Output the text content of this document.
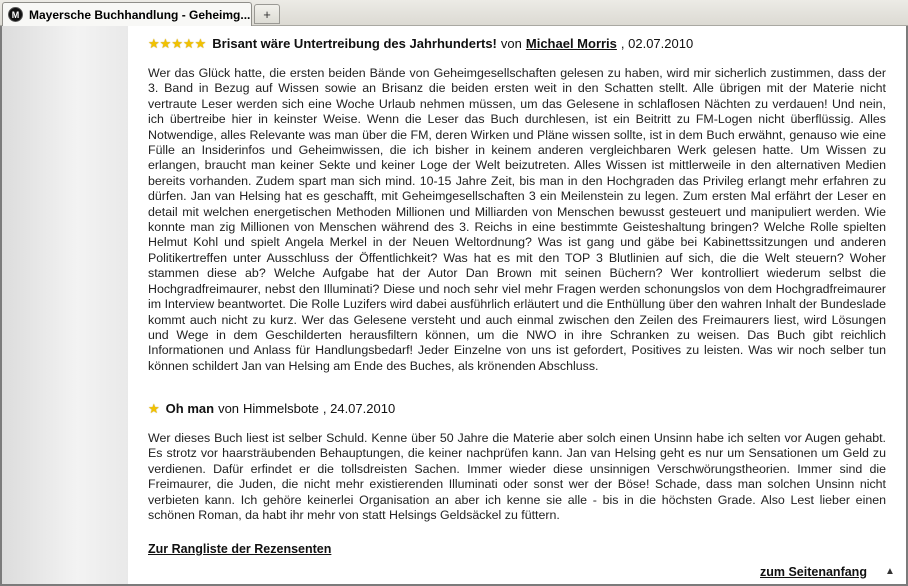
M Mayersche Buchhandlung - Geheimg... +
★ ★ ★ ★ ★ Brisant wäre Untertreibung des Jahrhunderts! von Michael Morris , 02.07.2010

Wer das Glück hatte, die ersten beiden Bände von Geheimgesellschaften gelesen zu haben, wird mir sicherlich zustimmen, dass der 3. Band in Bezug auf Wissen sowie an Brisanz die beiden ersten weit in den Schatten stellt. Alle übrigen mit der Materie nicht vertraute Leser werden sich eine Woche Urlaub nehmen müssen, um das Gelesene in schlaflosen Nächten zu verdauen! Und nein, ich übertreibe hier in keinster Weise. Wenn die Leser das Buch durchlesen, ist ein Beitritt zu FM-Logen nicht überflüssig. Alles Notwendige, alles Relevante was man über die FM, deren Wirken und Pläne wissen sollte, ist in dem Buch erwähnt, genauso wie eine Fülle an Insiderinfos und Geheimwissen, die ich bisher in keinem anderen vergleichbaren Werk gelesen hatte. Um Wissen zu erlangen, braucht man keiner Sekte und keiner Loge der Welt beizutreten. Alles Wissen ist mittlerweile in den alternativen Medien bereits vorhanden. Zudem spart man sich mind. 10-15 Jahre Zeit, bis man in den Hochgraden das Privileg erlangt mehr erfahren zu dürfen. Jan van Helsing hat es geschafft, mit Geheimgesellschaften 3 ein Meilenstein zu legen. Zum ersten Mal erfährt der Leser en detail mit welchen energetischen Methoden Millionen und Milliarden von Menschen bewusst gesteuert und manipuliert werden. Wie konnte man zig Millionen von Menschen während des 3. Reichs in eine bestimmte Geisteshaltung bringen? Welche Rolle spielten Helmut Kohl und spielt Angela Merkel in der Neuen Weltordnung? Was ist gang und gäbe bei Kabinettssitzungen und anderen Politikertreffen unter Ausschluss der Öffentlichkeit? Was hat es mit den TOP 3 Blutlinien auf sich, die die Welt steuern? Woher stammen diese ab? Welche Aufgabe hat der Autor Dan Brown mit seinen Büchern? Wer kontrolliert wiederum selbst die Hochgradfreimaurer, nebst den Illuminati? Diese und noch sehr viel mehr Fragen werden schonungslos von dem Hochgradfreimaurer im Interview beantwortet. Die Rolle Luzifers wird dabei ausführlich erläutert und die Enthüllung über den wahren Inhalt der Bundeslade kommt auch nicht zu kurz. Wer das Gelesene versteht und auch einmal zwischen den Zeilen des Freimaurers liest, wird Lösungen und Wege in dem Geschilderten herausfiltern können, um die NWO in ihre Schranken zu weisen. Das Buch gibt reichlich Informationen und Anlass für Handlungsbedarf! Jeder Einzelne von uns ist gefordert, Positives zu leisten. Was wir noch selber tun können schildert Jan van Helsing am Ende des Buches, als krönenden Abschluss.

★ Oh man von Himmelsbote , 24.07.2010

Wer dieses Buch liest ist selber Schuld. Kenne über 50 Jahre die Materie aber solch einen Unsinn habe ich selten vor Augen gehabt. Es strotz vor haarsträubenden Behauptungen, die keiner nachprüfen kann. Jan van Helsing geht es nur um Sensationen um Geld zu verdienen. Dafür erfindet er die tollsdreisten Sachen. Immer wieder diese unsinnigen Verschwörungstheorien. Immer sind die Freimaurer, die Juden, die nicht mehr existierenden Illuminati oder sonst wer der Böse! Schade, dass man solchen Unsinn nicht verbieten kann. Ich gehöre keinerlei Organisation an aber ich kenne sie alle - bis in die höchsten Grade. Also Lest lieber einen schönen Roman, da habt ihr mehr von statt Helsings Geldsäckel zu füttern.

Zur Rangliste der Rezensenten
zum Seitenanfang ▲
